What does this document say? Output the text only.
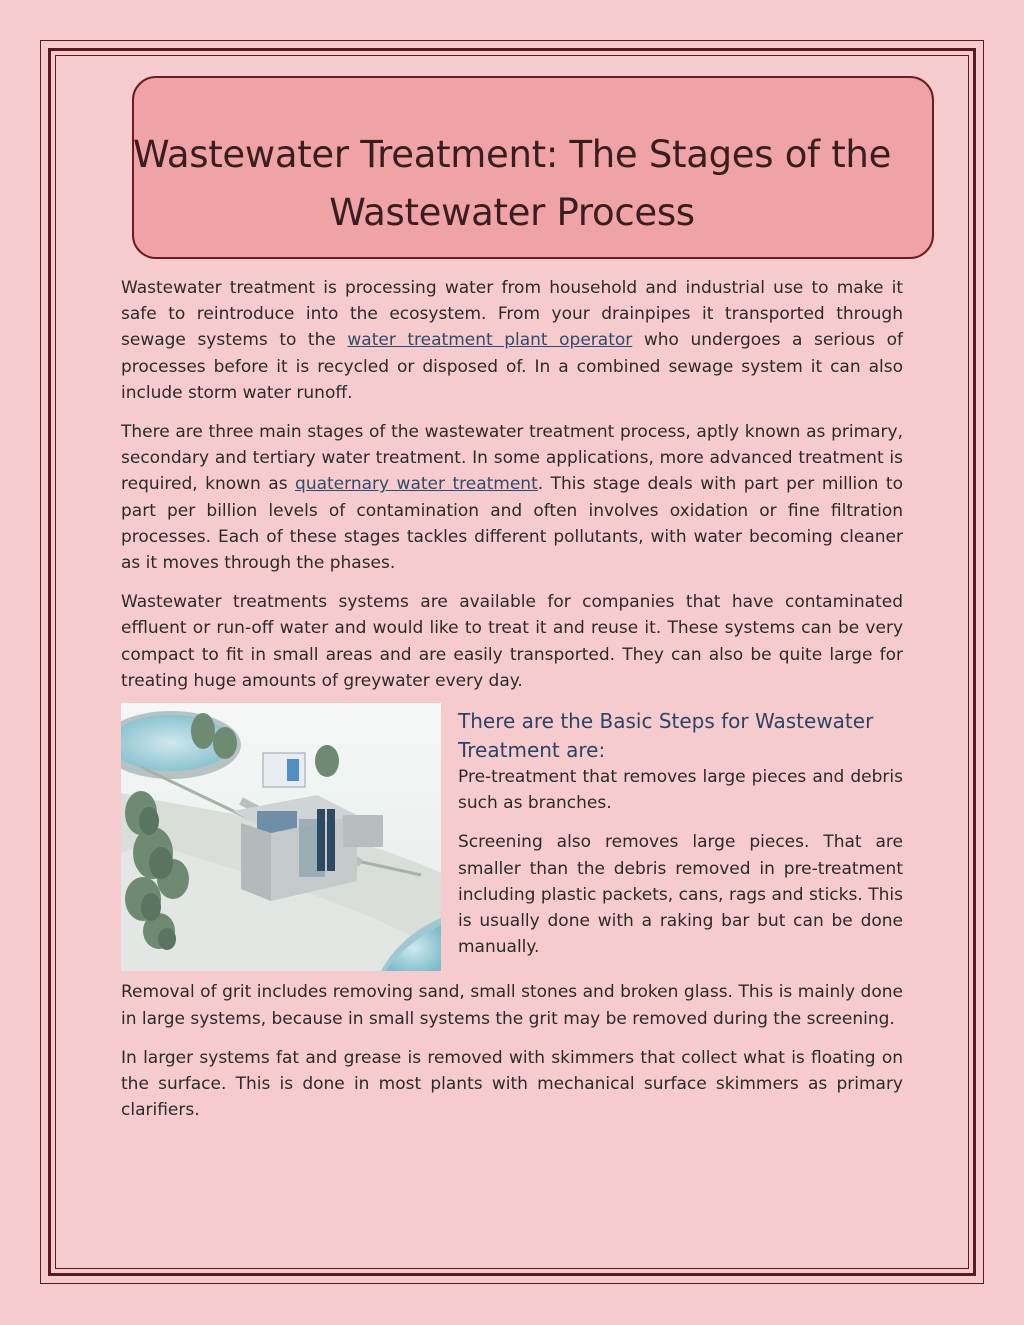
Wastewater Treatment: The Stages of the Wastewater Process

Wastewater treatment is processing water from household and industrial use to make it safe to reintroduce into the ecosystem. From your drainpipes it transported through sewage systems to the water treatment plant operator who undergoes a serious of processes before it is recycled or disposed of. In a combined sewage system it can also include storm water runoff.

There are three main stages of the wastewater treatment process, aptly known as primary, secondary and tertiary water treatment. In some applications, more advanced treatment is required, known as quaternary water treatment. This stage deals with part per million to part per billion levels of contamination and often involves oxidation or fine filtration processes. Each of these stages tackles different pollutants, with water becoming cleaner as it moves through the phases.

Wastewater treatments systems are available for companies that have contaminated effluent or run-off water and would like to treat it and reuse it. These systems can be very compact to fit in small areas and are easily transported. They can also be quite large for treating huge amounts of greywater every day.

There are the Basic Steps for Wastewater Treatment are:

Pre-treatment that removes large pieces and debris such as branches.

Screening also removes large pieces. That are smaller than the debris removed in pre-treatment including plastic packets, cans, rags and sticks. This is usually done with a raking bar but can be done manually.

Removal of grit includes removing sand, small stones and broken glass. This is mainly done in large systems, because in small systems the grit may be removed during the screening.

In larger systems fat and grease is removed with skimmers that collect what is floating on the surface. This is done in most plants with mechanical surface skimmers as primary clarifiers.
